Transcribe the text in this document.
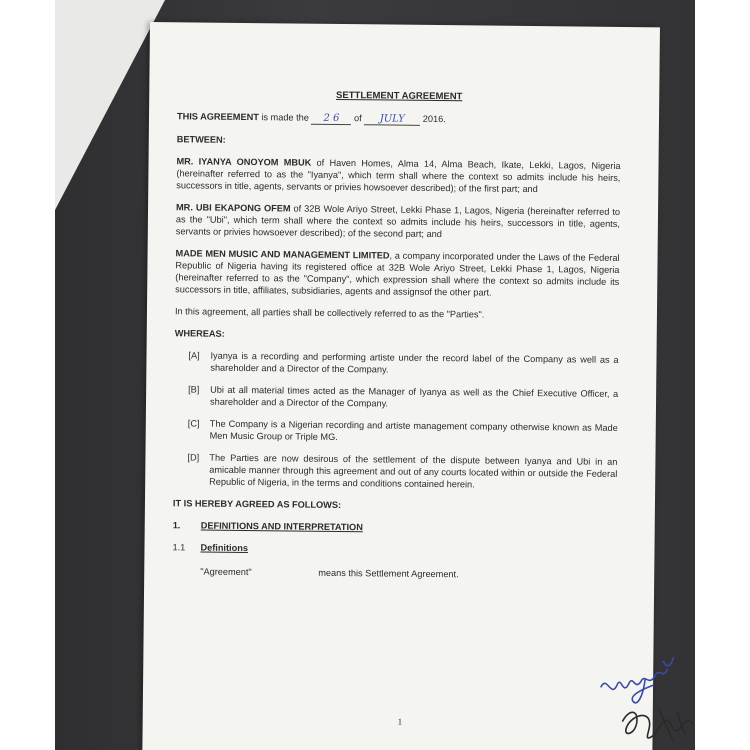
SETTLEMENT AGREEMENT
THIS AGREEMENT is made the 2 6 of JULY 2016.
BETWEEN:
MR. IYANYA ONOYOM MBUK of Haven Homes, Alma 14, Alma Beach, Ikate, Lekki, Lagos, Nigeria (hereinafter referred to as the "Iyanya", which term shall where the context so admits include his heirs, successors in title, agents, servants or privies howsoever described); of the first part; and
MR. UBI EKAPONG OFEM of 32B Wole Ariyo Street, Lekki Phase 1, Lagos, Nigeria (hereinafter referred to as the "Ubi", which term shall where the context so admits include his heirs, successors in title, agents, servants or privies howsoever described); of the second part; and
MADE MEN MUSIC AND MANAGEMENT LIMITED, a company incorporated under the Laws of the Federal Republic of Nigeria having its registered office at 32B Wole Ariyo Street, Lekki Phase 1, Lagos, Nigeria (hereinafter referred to as the "Company", which expression shall where the context so admits include its successors in title, affiliates, subsidiaries, agents and assignsof the other part.
In this agreement, all parties shall be collectively referred to as the "Parties".
WHEREAS:
[A]	Iyanya is a recording and performing artiste under the record label of the Company as well as a shareholder and a Director of the Company.
[B]	Ubi at all material times acted as the Manager of Iyanya as well as the Chief Executive Officer, a shareholder and a Director of the Company.
[C]	The Company is a Nigerian recording and artiste management company otherwise known as Made Men Music Group or Triple MG.
[D]	The Parties are now desirous of the settlement of the dispute between Iyanya and Ubi in an amicable manner through this agreement and out of any courts located within or outside the Federal Republic of Nigeria, in the terms and conditions contained herein.
IT IS HEREBY AGREED AS FOLLOWS:
1.	DEFINITIONS AND INTERPRETATION
1.1	Definitions
"Agreement"	means this Settlement Agreement.
1
